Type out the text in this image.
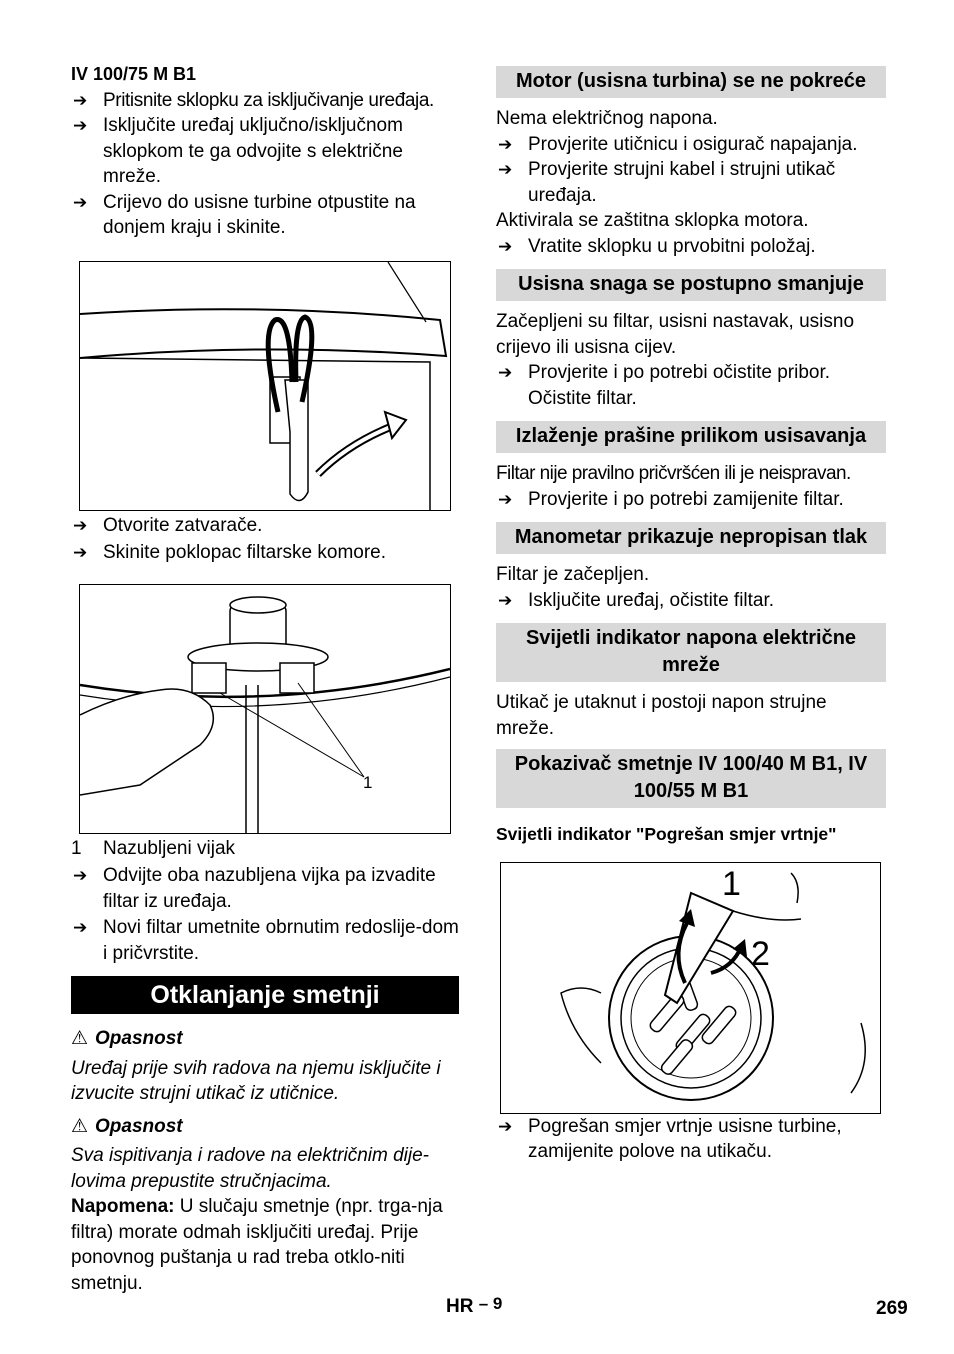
IV 100/75 M B1

➔ Pritisnite sklopku za isključivanje uređaja.
➔ Isključite uređaj uključno/isključnom sklopkom te ga odvojite s električne mreže.
➔ Crijevo do usisne turbine otpustite na donjem kraju i skinite.
➔ Otvorite zatvarače.
➔ Skinite poklopac filtarske komore.
1
1 Nazubljeni vijak
➔ Odvijte oba nazubljena vijka pa izvadite filtar iz uređaja.
➔ Novi filtar umetnite obrnutim redoslije-dom i pričvrstite.
Otklanjanje smetnji
⚠ Opasnost

Uređaj prije svih radova na njemu isključite i izvucite strujni utikač iz utičnice.

⚠ Opasnost

Sva ispitivanja i radove na električnim dije-lovima prepustite stručnjacima.

Napomena: U slučaju smetnje (npr. trga-nja filtra) morate odmah isključiti uređaj. Prije ponovnog puštanja u rad treba otklo-niti smetnju.

Motor (usisna turbina) se ne pokreće

Nema električnog napona.

➔ Provjerite utičnicu i osigurač napajanja.
➔ Provjerite strujni kabel i strujni utikač uređaja.

Aktivirala se zaštitna sklopka motora.

➔ Vratite sklopku u prvobitni položaj.
Usisna snaga se postupno smanjuje

Začepljeni su filtar, usisni nastavak, usisno crijevo ili usisna cijev.

➔ Provjerite i po potrebi očistite pribor. Očistite filtar.
Izlaženje prašine prilikom usisavanja

Filtar nije pravilno pričvršćen ili je neispravan.

➔ Provjerite i po potrebi zamijenite filtar.
Manometar prikazuje nepropisan tlak

Filtar je začepljen.

➔ Isključite uređaj, očistite filtar.
Svijetli indikator napona električne mreže

Utikač je utaknut i postoji napon strujne mreže.

Pokazivač smetnje IV 100/40 M B1, IV 100/55 M B1

Svijetli indikator "Pogrešan smjer vrtnje"

1
2
➔ Pogrešan smjer vrtnje usisne turbine, zamijenite polove na utikaču.
HR – 9	269
